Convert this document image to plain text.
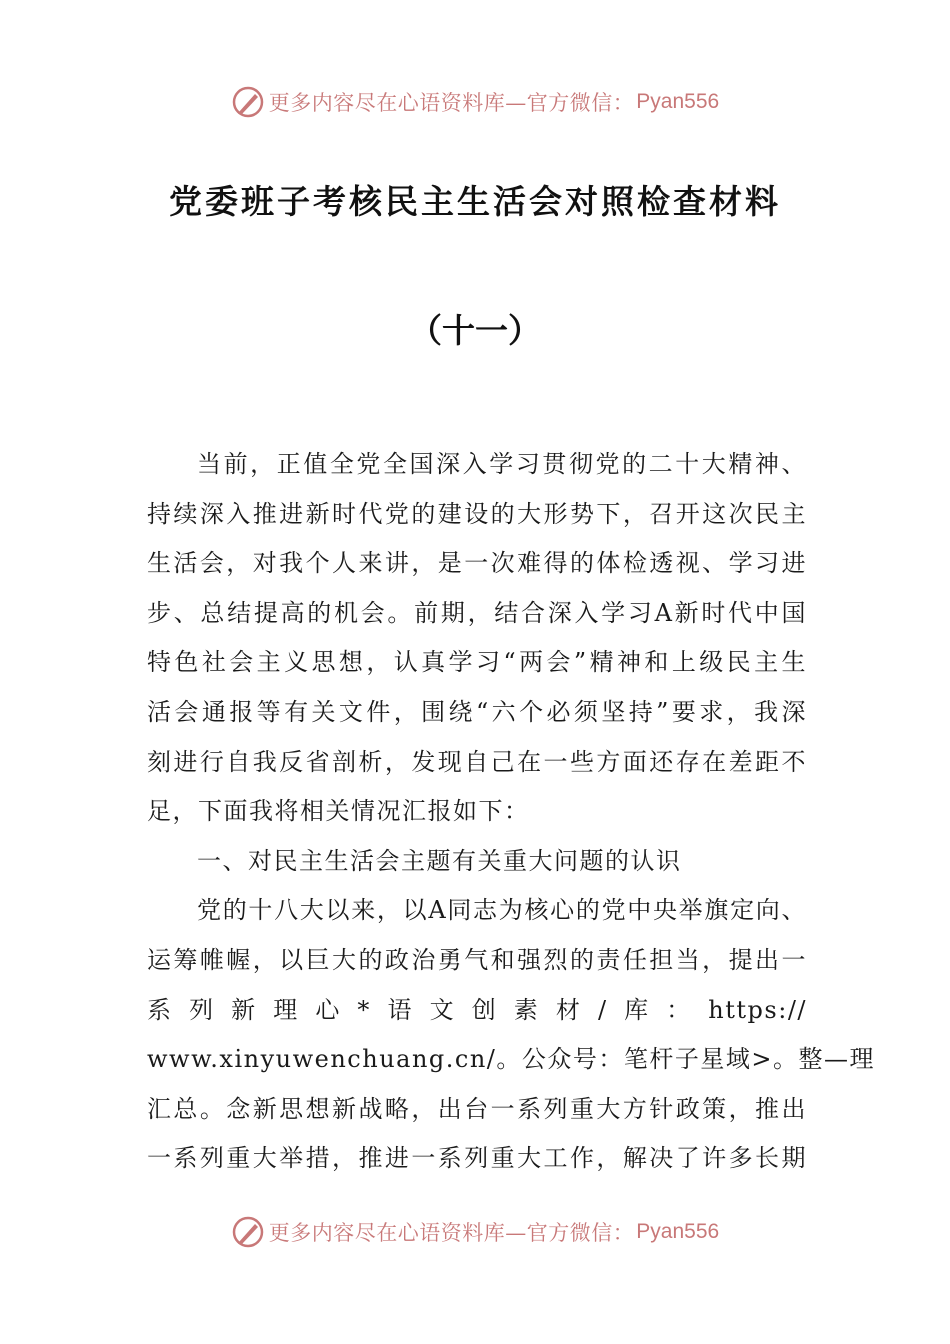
更多内容尽在心语资料库—官方微信： Pyan556
党委班子考核民主生活会对照检查材料
（十一）
当前，正值全党全国深入学习贯彻党的二十大精神、
持续深入推进新时代党的建设的大形势下，召开这次民主
生活会，对我个人来讲，是一次难得的体检透视、学习进
步、总结提高的机会。前期，结合深入学习A新时代中国
特色社会主义思想，认真学习“两会”精神和上级民主生
活会通报等有关文件，围绕“六个必须坚持”要求，我深
刻进行自我反省剖析，发现自己在一些方面还存在差距不
足，下面我将相关情况汇报如下：
一、对民主生活会主题有关重大问题的认识
党的十八大以来，以A同志为核心的党中央举旗定向、
运筹帷幄，以巨大的政治勇气和强烈的责任担当，提出一
系列新理心*语文创素材/库：https://
www.xinyuwenchuang.cn/。公众号：笔杆子星域>。整—理
汇总。念新思想新战略，出台一系列重大方针政策，推出
一系列重大举措，推进一系列重大工作，解决了许多长期
更多内容尽在心语资料库—官方微信： Pyan556
